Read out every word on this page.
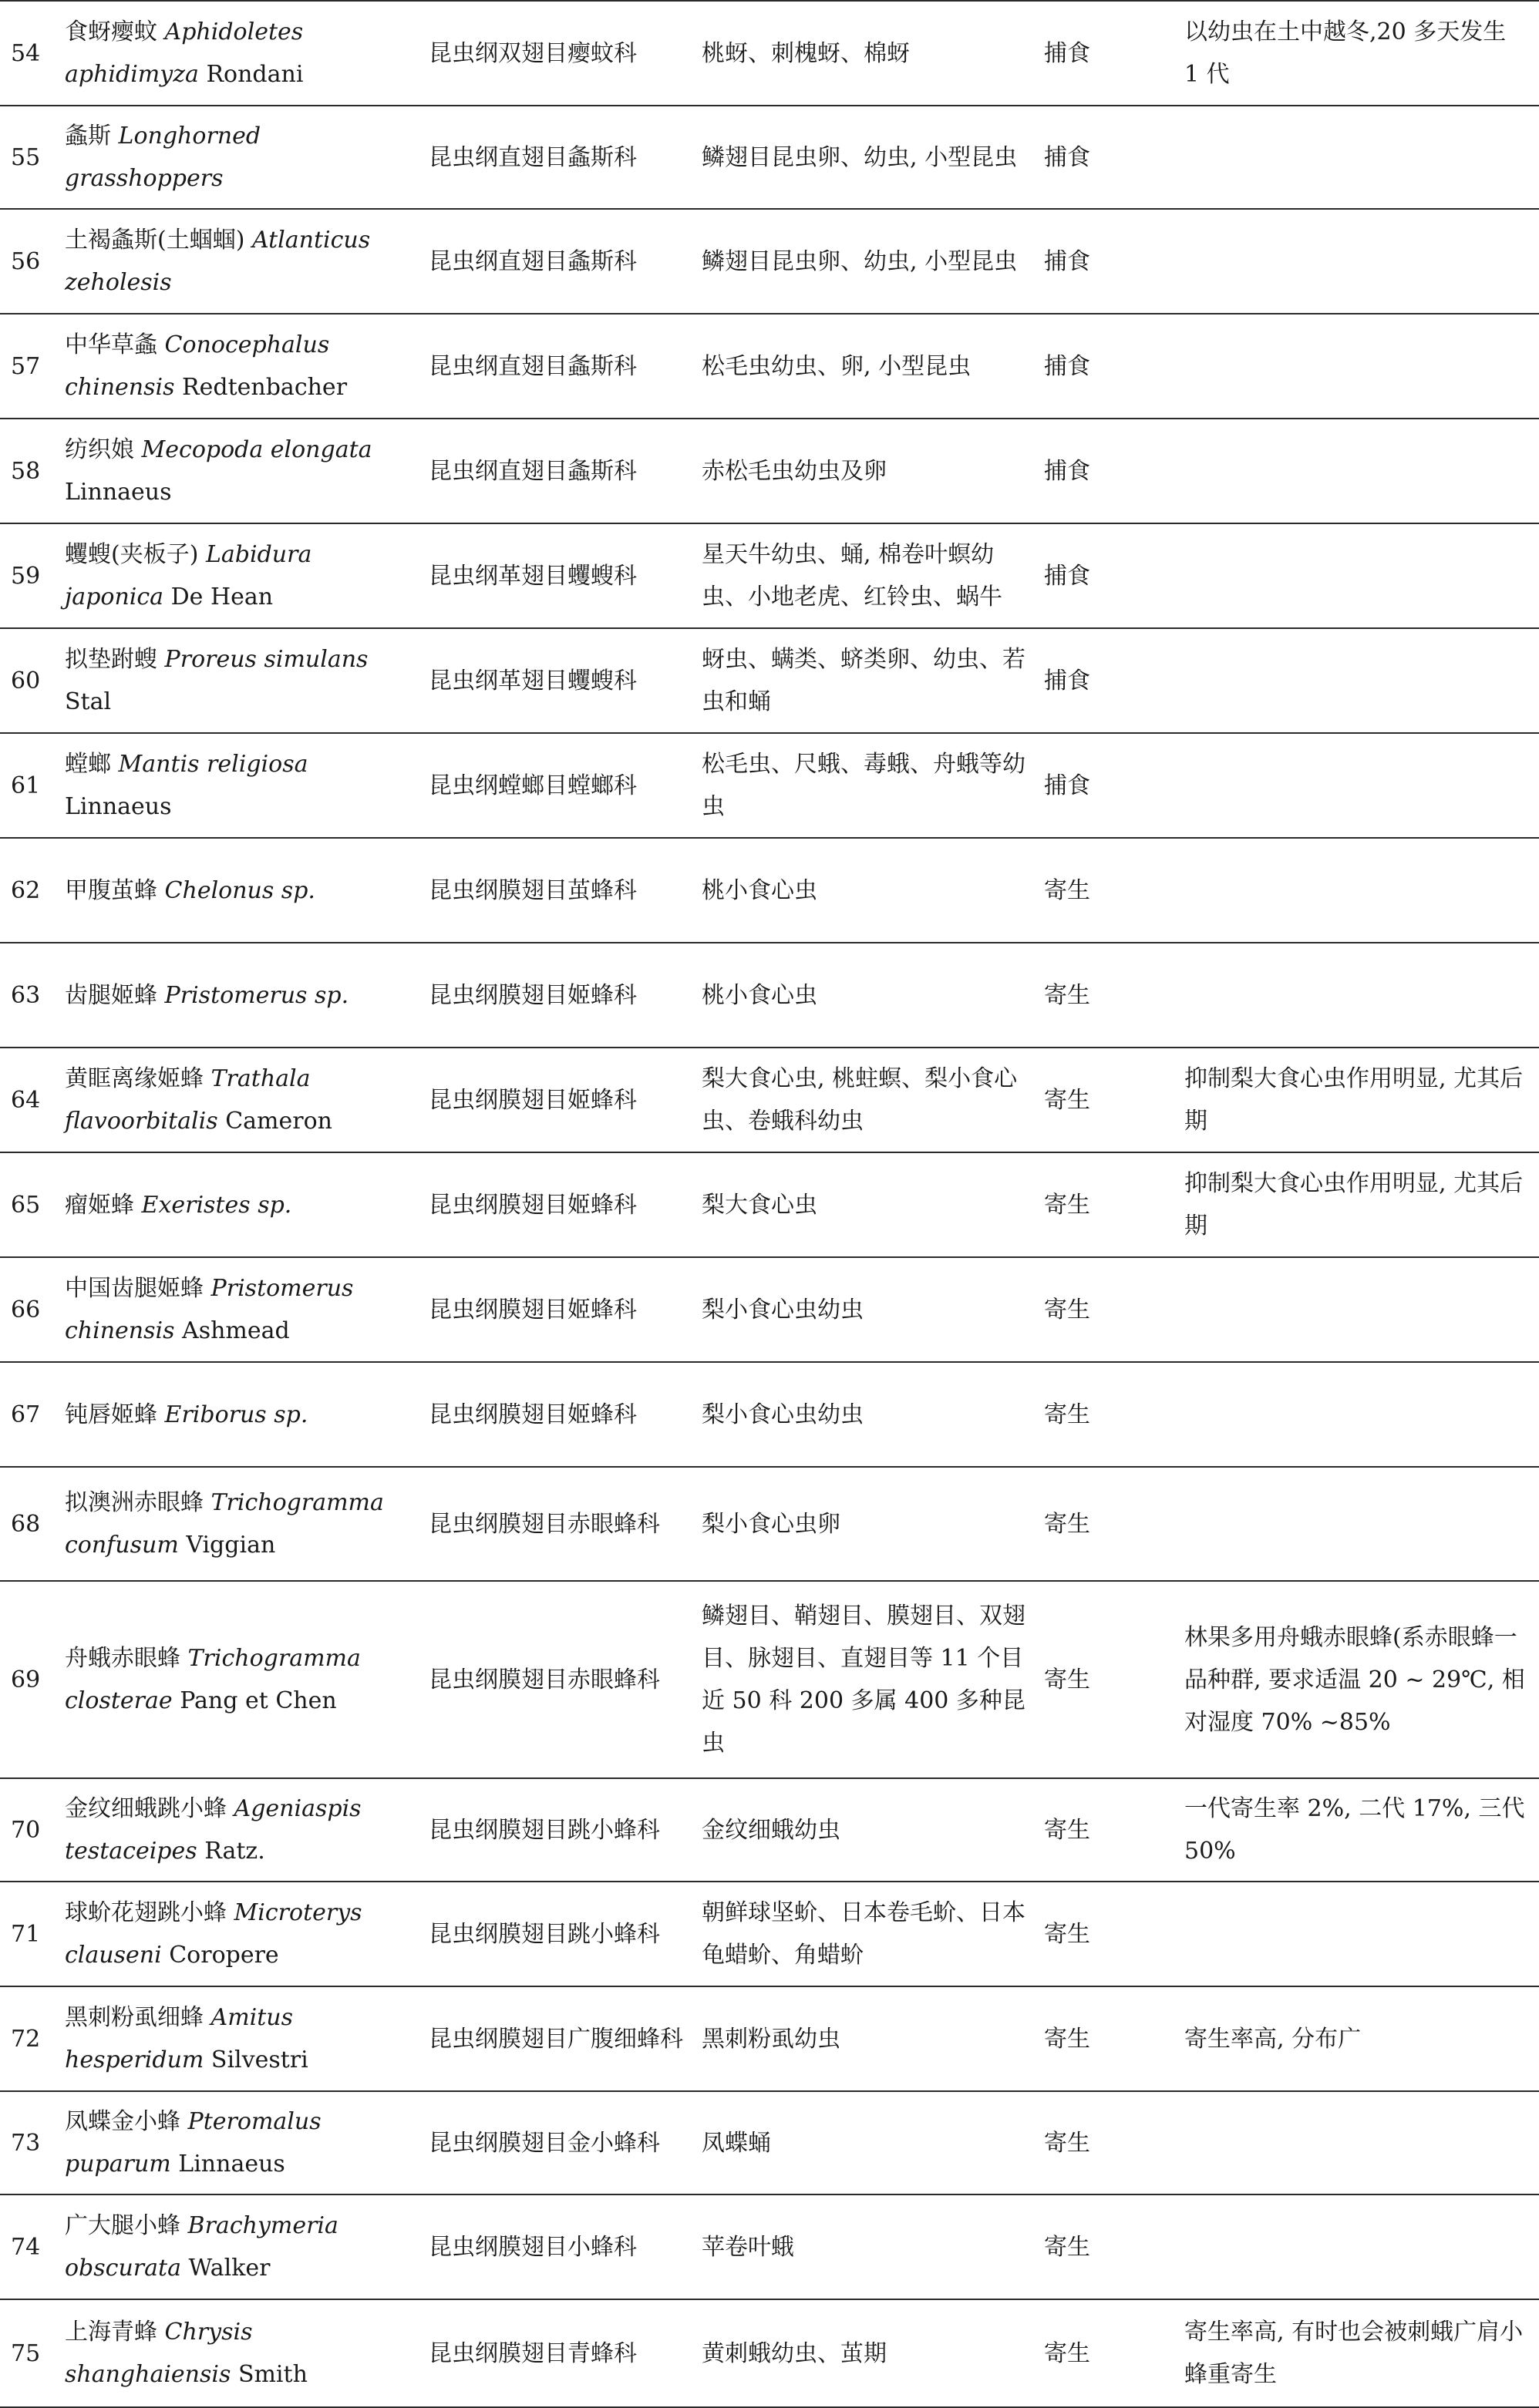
54	食蚜瘿蚊 Aphidoletes aphidimyza Rondani	昆虫纲双翅目瘿蚊科	桃蚜、刺槐蚜、棉蚜	捕食	以幼虫在土中越冬,20 多天发生 1 代
55	螽斯 Longhorned grasshoppers	昆虫纲直翅目螽斯科	鳞翅目昆虫卵、幼虫, 小型昆虫	捕食	
56	土褐螽斯(土蝈蝈) Atlanticus zeholesis	昆虫纲直翅目螽斯科	鳞翅目昆虫卵、幼虫, 小型昆虫	捕食	
57	中华草螽 Conocephalus chinensis Redtenbacher	昆虫纲直翅目螽斯科	松毛虫幼虫、卵, 小型昆虫	捕食	
58	纺织娘 Mecopoda elongata Linnaeus	昆虫纲直翅目螽斯科	赤松毛虫幼虫及卵	捕食	
59	蠼螋(夹板子) Labidura japonica De Hean	昆虫纲革翅目蠼螋科	星天牛幼虫、蛹, 棉卷叶螟幼虫、小地老虎、红铃虫、蜗牛	捕食	
60	拟垫跗螋 Proreus simulans Stal	昆虫纲革翅目蠼螋科	蚜虫、螨类、蛴类卵、幼虫、若虫和蛹	捕食	
61	螳螂 Mantis religiosa Linnaeus	昆虫纲螳螂目螳螂科	松毛虫、尺蛾、毒蛾、舟蛾等幼虫	捕食	
62	甲腹茧蜂 Chelonus sp.	昆虫纲膜翅目茧蜂科	桃小食心虫	寄生	
63	齿腿姬蜂 Pristomerus sp.	昆虫纲膜翅目姬蜂科	桃小食心虫	寄生	
64	黄眶离缘姬蜂 Trathala flavoorbitalis Cameron	昆虫纲膜翅目姬蜂科	梨大食心虫, 桃蛀螟、梨小食心虫、卷蛾科幼虫	寄生	抑制梨大食心虫作用明显, 尤其后期
65	瘤姬蜂 Exeristes sp.	昆虫纲膜翅目姬蜂科	梨大食心虫	寄生	抑制梨大食心虫作用明显, 尤其后期
66	中国齿腿姬蜂 Pristomerus chinensis Ashmead	昆虫纲膜翅目姬蜂科	梨小食心虫幼虫	寄生	
67	钝唇姬蜂 Eriborus sp.	昆虫纲膜翅目姬蜂科	梨小食心虫幼虫	寄生	
68	拟澳洲赤眼蜂 Trichogramma confusum Viggian	昆虫纲膜翅目赤眼蜂科	梨小食心虫卵	寄生	
69	舟蛾赤眼蜂 Trichogramma closterae Pang et Chen	昆虫纲膜翅目赤眼蜂科	鳞翅目、鞘翅目、膜翅目、双翅目、脉翅目、直翅目等 11 个目近 50 科 200 多属 400 多种昆虫	寄生	林果多用舟蛾赤眼蜂(系赤眼蜂一品种群, 要求适温 20 ~ 29℃, 相对湿度 70% ~85%
70	金纹细蛾跳小蜂 Ageniaspis testaceipes Ratz.	昆虫纲膜翅目跳小蜂科	金纹细蛾幼虫	寄生	一代寄生率 2%, 二代 17%, 三代 50%
71	球蚧花翅跳小蜂 Microterys clauseni Coropere	昆虫纲膜翅目跳小蜂科	朝鲜球坚蚧、日本卷毛蚧、日本龟蜡蚧、角蜡蚧	寄生	
72	黑刺粉虱细蜂 Amitus hesperidum Silvestri	昆虫纲膜翅目广腹细蜂科	黑刺粉虱幼虫	寄生	寄生率高, 分布广
73	凤蝶金小蜂 Pteromalus puparum Linnaeus	昆虫纲膜翅目金小蜂科	凤蝶蛹	寄生	
74	广大腿小蜂 Brachymeria obscurata Walker	昆虫纲膜翅目小蜂科	苹卷叶蛾	寄生	
75	上海青蜂 Chrysis shanghaiensis Smith	昆虫纲膜翅目青蜂科	黄刺蛾幼虫、茧期	寄生	寄生率高, 有时也会被刺蛾广肩小蜂重寄生
